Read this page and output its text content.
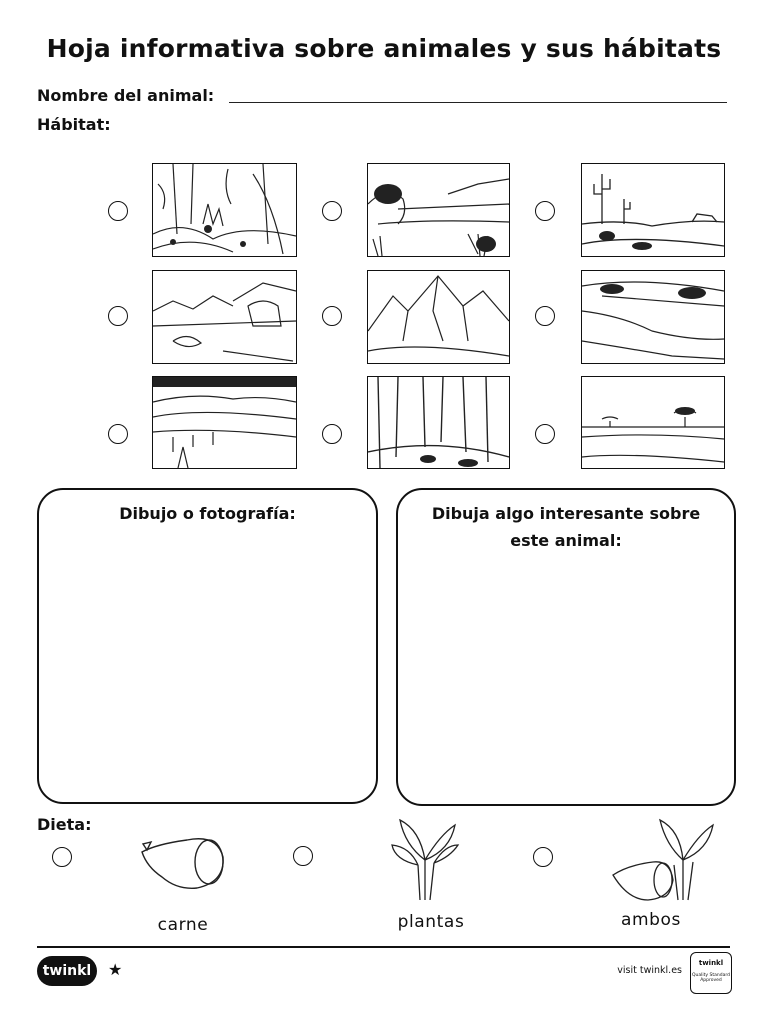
Hoja informativa sobre animales y sus hábitats
Nombre del animal:
Hábitat:
Dibujo o fotografía:	Dibuja algo interesante sobre este animal:
Dieta:
carne	plantas	ambos
twinkl	★	visit twinkl.es
twinkl
Quality Standard Approved
